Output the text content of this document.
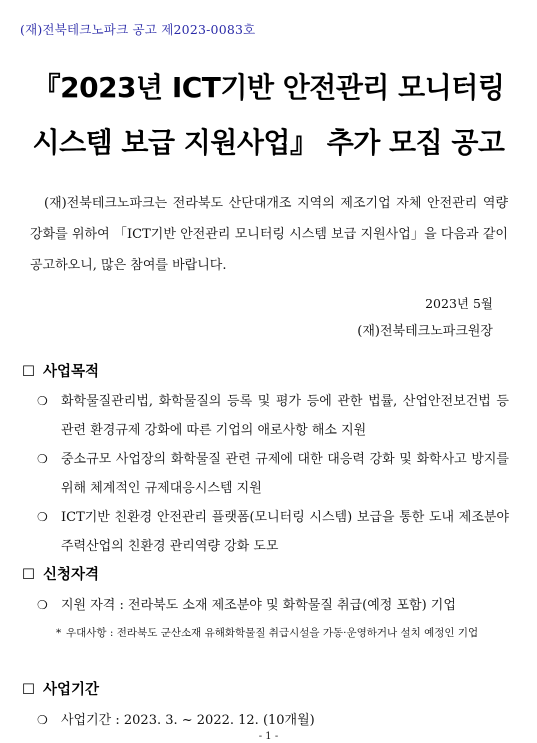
(재)전북테크노파크 공고 제2023-0083호
『2023년 ICT기반 안전관리 모니터링
시스템 보급 지원사업』 추가 모집 공고
(재)전북테크노파크는 전라북도 산단대개조 지역의 제조기업 자체 안전관리 역량강화를 위하여 「ICT기반 안전관리 모니터링 시스템 보급 지원사업」을 다음과 같이 공고하오니, 많은 참여를 바랍니다.
2023년 5월
(재)전북테크노파크원장
☐ 사업목적
❍	화학물질관리법, 화학물질의 등록 및 평가 등에 관한 법률, 산업안전보건법 등 관련 환경규제 강화에 따른 기업의 애로사항 해소 지원
❍	중소규모 사업장의 화학물질 관련 규제에 대한 대응력 강화 및 화학사고 방지를 위해 체계적인 규제대응시스템 지원
❍	ICT기반 친환경 안전관리 플랫폼(모니터링 시스템) 보급을 통한 도내 제조분야 주력산업의 친환경 관리역량 강화 도모
☐ 신청자격
❍	지원 자격 : 전라북도 소재 제조분야 및 화학물질 취급(예정 포함) 기업
* 우대사항 : 전라북도 군산소재 유해화학물질 취급시설을 가동·운영하거나 설치 예정인 기업
☐ 사업기간
❍	사업기간 : 2023. 3. ~ 2022. 12. (10개월)
- 1 -
